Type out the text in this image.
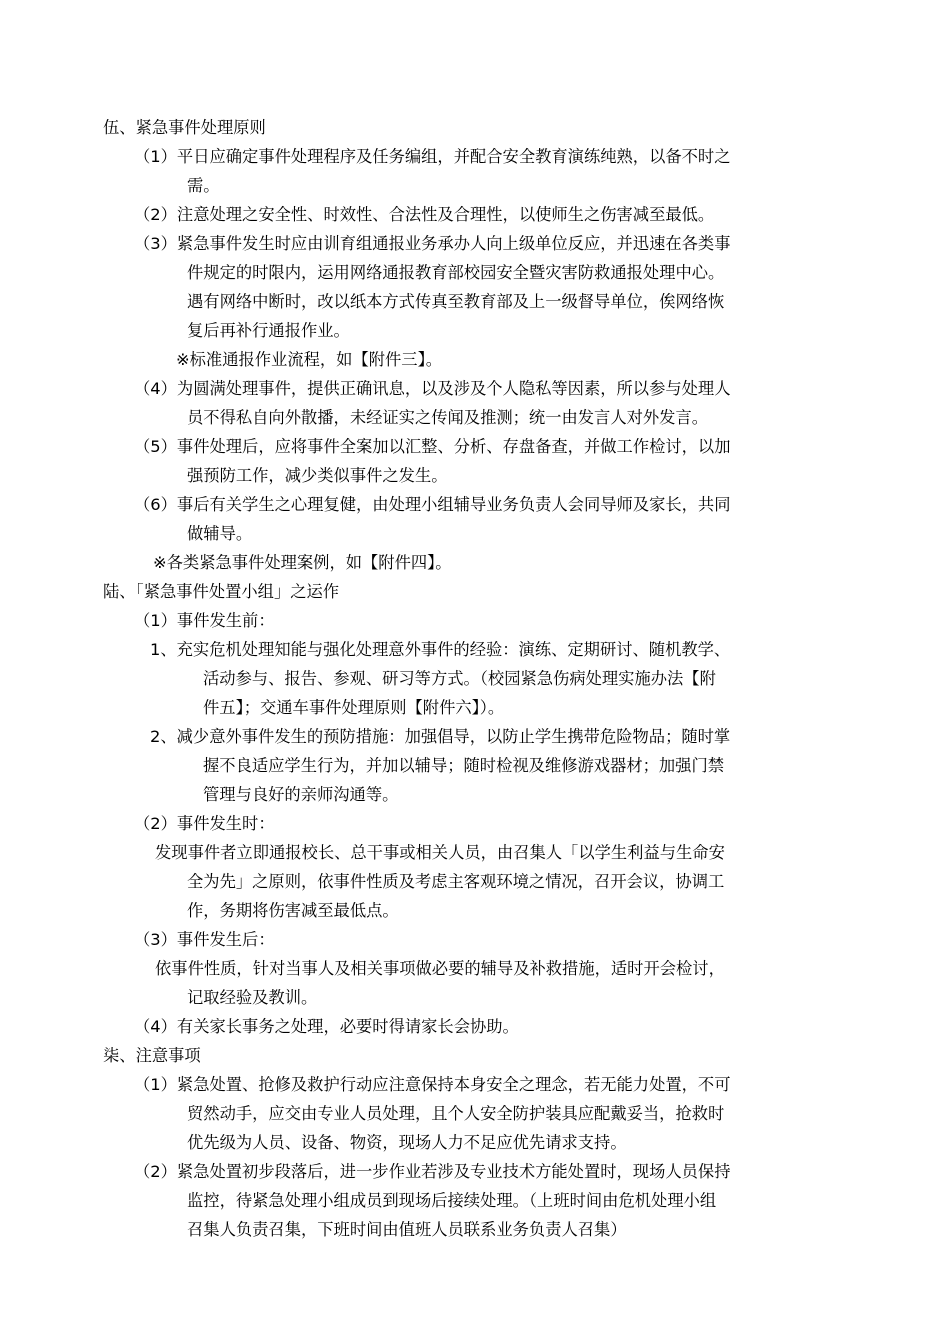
伍、紧急事件处理原则
（1）平日应确定事件处理程序及任务编组，并配合安全教育演练纯熟，以备不时之
需。
（2）注意处理之安全性、时效性、合法性及合理性，以使师生之伤害减至最低。
（3）紧急事件发生时应由训育组通报业务承办人向上级单位反应，并迅速在各类事
件规定的时限内，运用网络通报教育部校园安全暨灾害防救通报处理中心。
遇有网络中断时，改以纸本方式传真至教育部及上一级督导单位，俟网络恢
复后再补行通报作业。
※标准通报作业流程，如【附件三】。
（4）为圆满处理事件，提供正确讯息，以及涉及个人隐私等因素，所以参与处理人
员不得私自向外散播，未经证实之传闻及推测；统一由发言人对外发言。
（5）事件处理后，应将事件全案加以汇整、分析、存盘备查，并做工作检讨，以加
强预防工作，减少类似事件之发生。
（6）事后有关学生之心理复健，由处理小组辅导业务负责人会同导师及家长，共同
做辅导。
※各类紧急事件处理案例，如【附件四】。
陆、「紧急事件处置小组」之运作
（1）事件发生前：
1、充实危机处理知能与强化处理意外事件的经验：演练、定期研讨、随机教学、
活动参与、报告、参观、研习等方式。（校园紧急伤病处理实施办法【附
件五】；交通车事件处理原则【附件六】）。
2、减少意外事件发生的预防措施：加强倡导，以防止学生携带危险物品；随时掌
握不良适应学生行为，并加以辅导；随时检视及维修游戏器材；加强门禁
管理与良好的亲师沟通等。
（2）事件发生时：
发现事件者立即通报校长、总干事或相关人员，由召集人「以学生利益与生命安
全为先」之原则，依事件性质及考虑主客观环境之情况，召开会议，协调工
作，务期将伤害减至最低点。
（3）事件发生后：
依事件性质，针对当事人及相关事项做必要的辅导及补救措施，适时开会检讨，
记取经验及教训。
（4）有关家长事务之处理，必要时得请家长会协助。
柒、注意事项
（1）紧急处置、抢修及救护行动应注意保持本身安全之理念，若无能力处置，不可
贸然动手，应交由专业人员处理，且个人安全防护装具应配戴妥当，抢救时
优先级为人员、设备、物资，现场人力不足应优先请求支持。
（2）紧急处置初步段落后，进一步作业若涉及专业技术方能处置时，现场人员保持
监控，待紧急处理小组成员到现场后接续处理。（上班时间由危机处理小组
召集人负责召集，下班时间由值班人员联系业务负责人召集）
